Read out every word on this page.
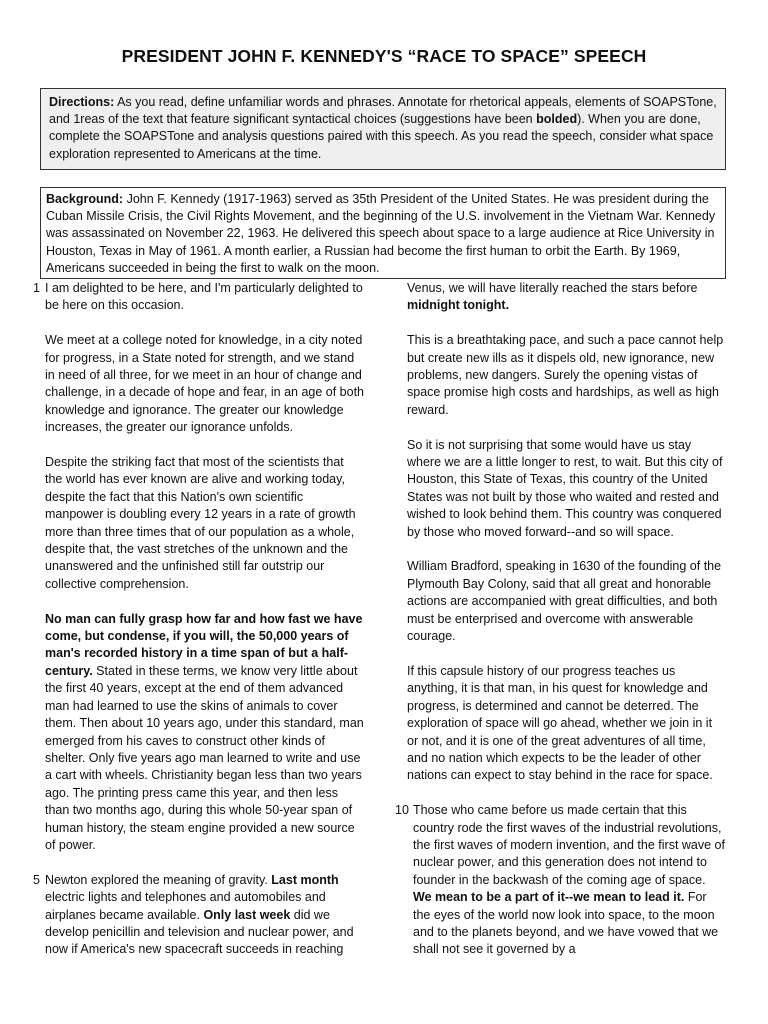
PRESIDENT JOHN F. KENNEDY'S “RACE TO SPACE” SPEECH
Directions: As you read, define unfamiliar words and phrases. Annotate for rhetorical appeals, elements of SOAPSTone, and 1reas of the text that feature significant syntactical choices (suggestions have been bolded). When you are done, complete the SOAPSTone and analysis questions paired with this speech. As you read the speech, consider what space exploration represented to Americans at the time.
Background: John F. Kennedy (1917-1963) served as 35th President of the United States. He was president during the Cuban Missile Crisis, the Civil Rights Movement, and the beginning of the U.S. involvement in the Vietnam War. Kennedy was assassinated on November 22, 1963. He delivered this speech about space to a large audience at Rice University in Houston, Texas in May of 1961. A month earlier, a Russian had become the first human to orbit the Earth. By 1969, Americans succeeded in being the first to walk on the moon.

1 I am delighted to be here, and I'm particularly delighted to be here on this occasion.

We meet at a college noted for knowledge, in a city noted for progress, in a State noted for strength, and we stand in need of all three, for we meet in an hour of change and challenge, in a decade of hope and fear, in an age of both knowledge and ignorance. The greater our knowledge increases, the greater our ignorance unfolds.

Despite the striking fact that most of the scientists that the world has ever known are alive and working today, despite the fact that this Nation's own scientific manpower is doubling every 12 years in a rate of growth more than three times that of our population as a whole, despite that, the vast stretches of the unknown and the unanswered and the unfinished still far outstrip our collective comprehension.

No man can fully grasp how far and how fast we have come, but condense, if you will, the 50,000 years of man's recorded history in a time span of but a half-century. Stated in these terms, we know very little about the first 40 years, except at the end of them advanced man had learned to use the skins of animals to cover them. Then about 10 years ago, under this standard, man emerged from his caves to construct other kinds of shelter. Only five years ago man learned to write and use a cart with wheels. Christianity began less than two years ago. The printing press came this year, and then less than two months ago, during this whole 50-year span of human history, the steam engine provided a new source of power.

5 Newton explored the meaning of gravity. Last month electric lights and telephones and automobiles and airplanes became available. Only last week did we develop penicillin and television and nuclear power, and now if America's new spacecraft succeeds in reaching

Venus, we will have literally reached the stars before midnight tonight.

This is a breathtaking pace, and such a pace cannot help but create new ills as it dispels old, new ignorance, new problems, new dangers. Surely the opening vistas of space promise high costs and hardships, as well as high reward.

So it is not surprising that some would have us stay where we are a little longer to rest, to wait. But this city of Houston, this State of Texas, this country of the United States was not built by those who waited and rested and wished to look behind them. This country was conquered by those who moved forward--and so will space.

William Bradford, speaking in 1630 of the founding of the Plymouth Bay Colony, said that all great and honorable actions are accompanied with great difficulties, and both must be enterprised and overcome with answerable courage.

If this capsule history of our progress teaches us anything, it is that man, in his quest for knowledge and progress, is determined and cannot be deterred. The exploration of space will go ahead, whether we join in it or not, and it is one of the great adventures of all time, and no nation which expects to be the leader of other nations can expect to stay behind in the race for space.

10 Those who came before us made certain that this country rode the first waves of the industrial revolutions, the first waves of modern invention, and the first wave of nuclear power, and this generation does not intend to founder in the backwash of the coming age of space. We mean to be a part of it--we mean to lead it. For the eyes of the world now look into space, to the moon and to the planets beyond, and we have vowed that we shall not see it governed by a
